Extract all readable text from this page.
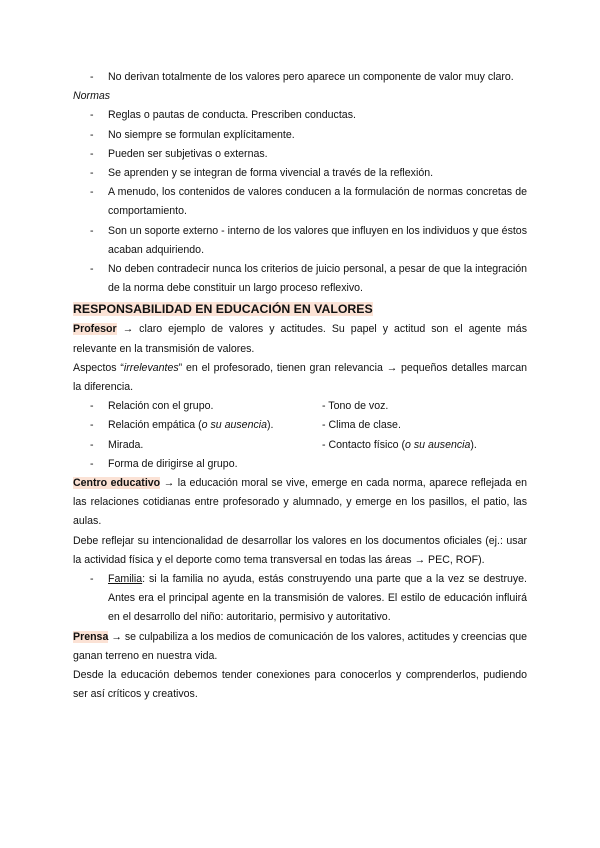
- No derivan totalmente de los valores pero aparece un componente de valor muy claro.

Normas

- Reglas o pautas de conducta. Prescriben conductas.
- No siempre se formulan explícitamente.
- Pueden ser subjetivas o externas.
- Se aprenden y se integran de forma vivencial a través de la reflexión.
- A menudo, los contenidos de valores conducen a la formulación de normas concretas de comportamiento.
- Son un soporte externo - interno de los valores que influyen en los individuos y que éstos acaban adquiriendo.
- No deben contradecir nunca los criterios de juicio personal, a pesar de que la integración de la norma debe constituir un largo proceso reflexivo.
RESPONSABILIDAD EN EDUCACIÓN EN VALORES

Profesor → claro ejemplo de valores y actitudes. Su papel y actitud son el agente más relevante en la transmisión de valores.

Aspectos “irrelevantes” en el profesorado, tienen gran relevancia → pequeños detalles marcan la diferencia.

- Relación con el grupo.	- Tono de voz.
- Relación empática (o su ausencia).	- Clima de clase.
- Mirada.	- Contacto físico (o su ausencia).
- Forma de dirigirse al grupo.

Centro educativo → la educación moral se vive, emerge en cada norma, aparece reflejada en las relaciones cotidianas entre profesorado y alumnado, y emerge en los pasillos, el patio, las aulas.

Debe reflejar su intencionalidad de desarrollar los valores en los documentos oficiales (ej.: usar la actividad física y el deporte como tema transversal en todas las áreas → PEC, ROF).

- Familia: si la familia no ayuda, estás construyendo una parte que a la vez se destruye. Antes era el principal agente en la transmisión de valores. El estilo de educación influirá en el desarrollo del niño: autoritario, permisivo y autoritativo.

Prensa → se culpabiliza a los medios de comunicación de los valores, actitudes y creencias que ganan terreno en nuestra vida.

Desde la educación debemos tender conexiones para conocerlos y comprenderlos, pudiendo ser así críticos y creativos.
